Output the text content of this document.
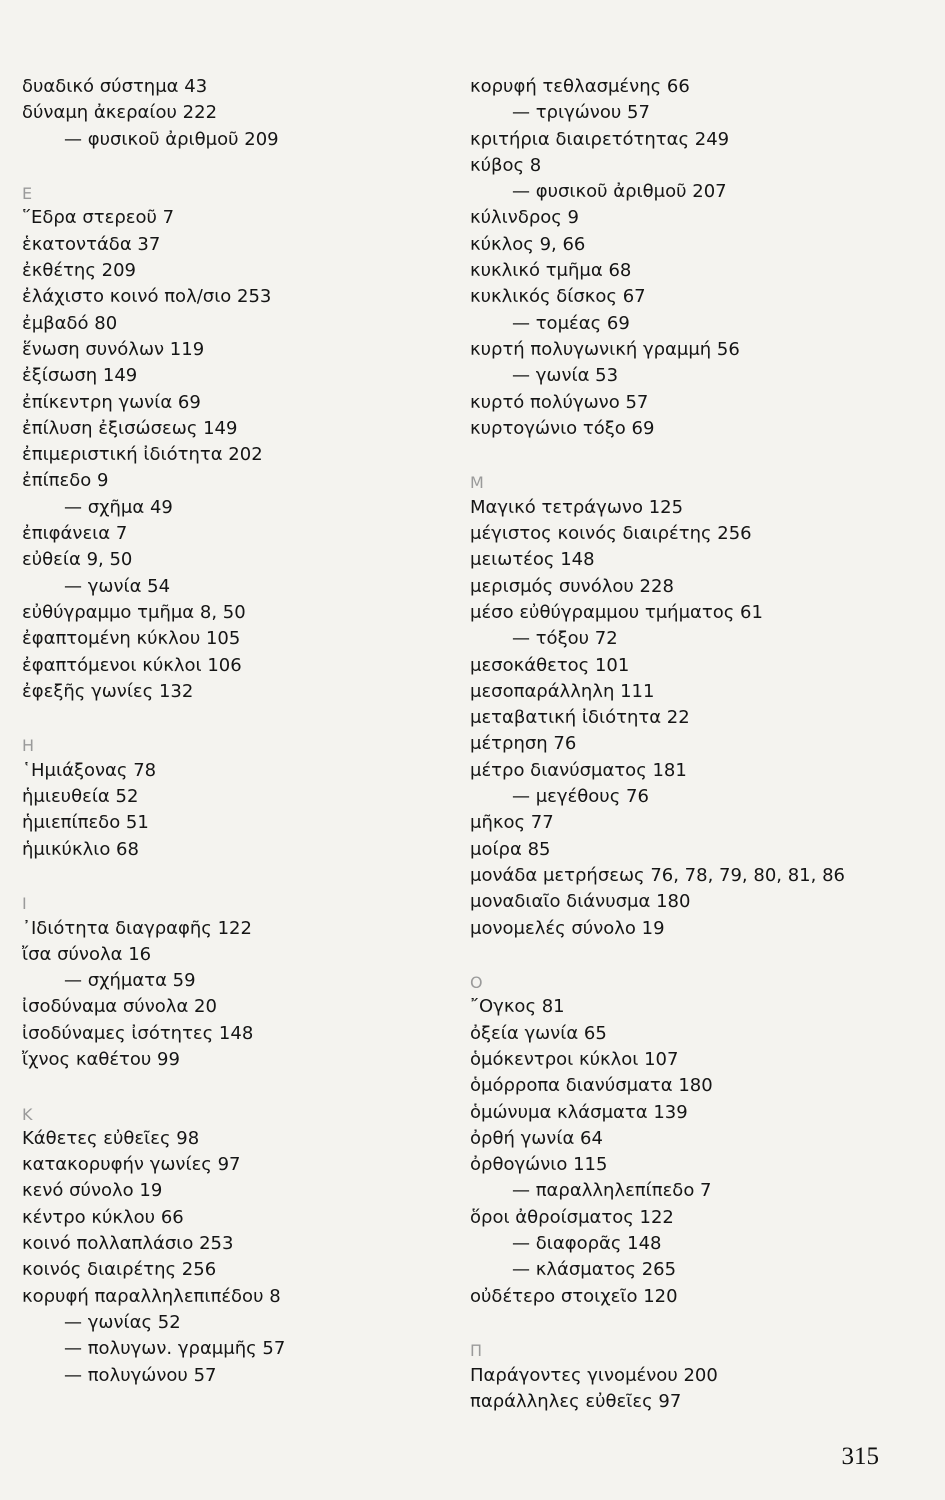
δυαδικό σύστημα 43
δύναμη ἀκεραίου 222
— φυσικοῦ ἀριθμοῦ 209
Ε
῞Εδρα στερεοῦ 7
ἑκατοντάδα 37
ἐκθέτης 209
ἐλάχιστο κοινό πολ/σιο 253
ἐμβαδό 80
ἕνωση συνόλων 119
ἐξίσωση 149
ἐπίκεντρη γωνία 69
ἐπίλυση ἐξισώσεως 149
ἐπιμεριστική ἰδιότητα 202
ἐπίπεδο 9
— σχῆμα 49
ἐπιφάνεια 7
εὐθεία 9, 50
— γωνία 54
εὐθύγραμμο τμῆμα 8, 50
ἐφαπτομένη κύκλου 105
ἐφαπτόμενοι κύκλοι 106
ἐφεξῆς γωνίες 132
Η
῾Ημιάξονας 78
ἡμιευθεία 52
ἡμιεπίπεδο 51
ἡμικύκλιο 68
Ι
᾿Ιδιότητα διαγραφῆς 122
ἴσα σύνολα 16
— σχήματα 59
ἰσοδύναμα σύνολα 20
ἰσοδύναμες ἰσότητες 148
ἴχνος καθέτου 99
Κ
Κάθετες εὐθεῖες 98
κατακορυφήν γωνίες 97
κενό σύνολο 19
κέντρο κύκλου 66
κοινό πολλαπλάσιο 253
κοινός διαιρέτης 256
κορυφή παραλληλεπιπέδου 8
— γωνίας 52
— πολυγων. γραμμῆς 57
— πολυγώνου 57
κορυφή τεθλασμένης 66
— τριγώνου 57
κριτήρια διαιρετότητας 249
κύβος 8
— φυσικοῦ ἀριθμοῦ 207
κύλινδρος 9
κύκλος 9, 66
κυκλικό τμῆμα 68
κυκλικός δίσκος 67
— τομέας 69
κυρτή πολυγωνική γραμμή 56
— γωνία 53
κυρτό πολύγωνο 57
κυρτογώνιο τόξο 69
Μ
Μαγικό τετράγωνο 125
μέγιστος κοινός διαιρέτης 256
μειωτέος 148
μερισμός συνόλου 228
μέσο εὐθύγραμμου τμήματος 61
— τόξου 72
μεσοκάθετος 101
μεσοπαράλληλη 111
μεταβατική ἰδιότητα 22
μέτρηση 76
μέτρο διανύσματος 181
— μεγέθους 76
μῆκος 77
μοίρα 85
μονάδα μετρήσεως 76, 78, 79, 80, 81, 86
μοναδιαῖο διάνυσμα 180
μονομελές σύνολο 19
Ο
῎Ογκος 81
ὀξεία γωνία 65
ὁμόκεντροι κύκλοι 107
ὁμόρροπα διανύσματα 180
ὁμώνυμα κλάσματα 139
ὀρθή γωνία 64
ὀρθογώνιο 115
— παραλληλεπίπεδο 7
ὅροι ἀθροίσματος 122
— διαφορᾶς 148
— κλάσματος 265
οὐδέτερο στοιχεῖο 120
Π
Παράγοντες γινομένου 200
παράλληλες εὐθεῖες 97
315
